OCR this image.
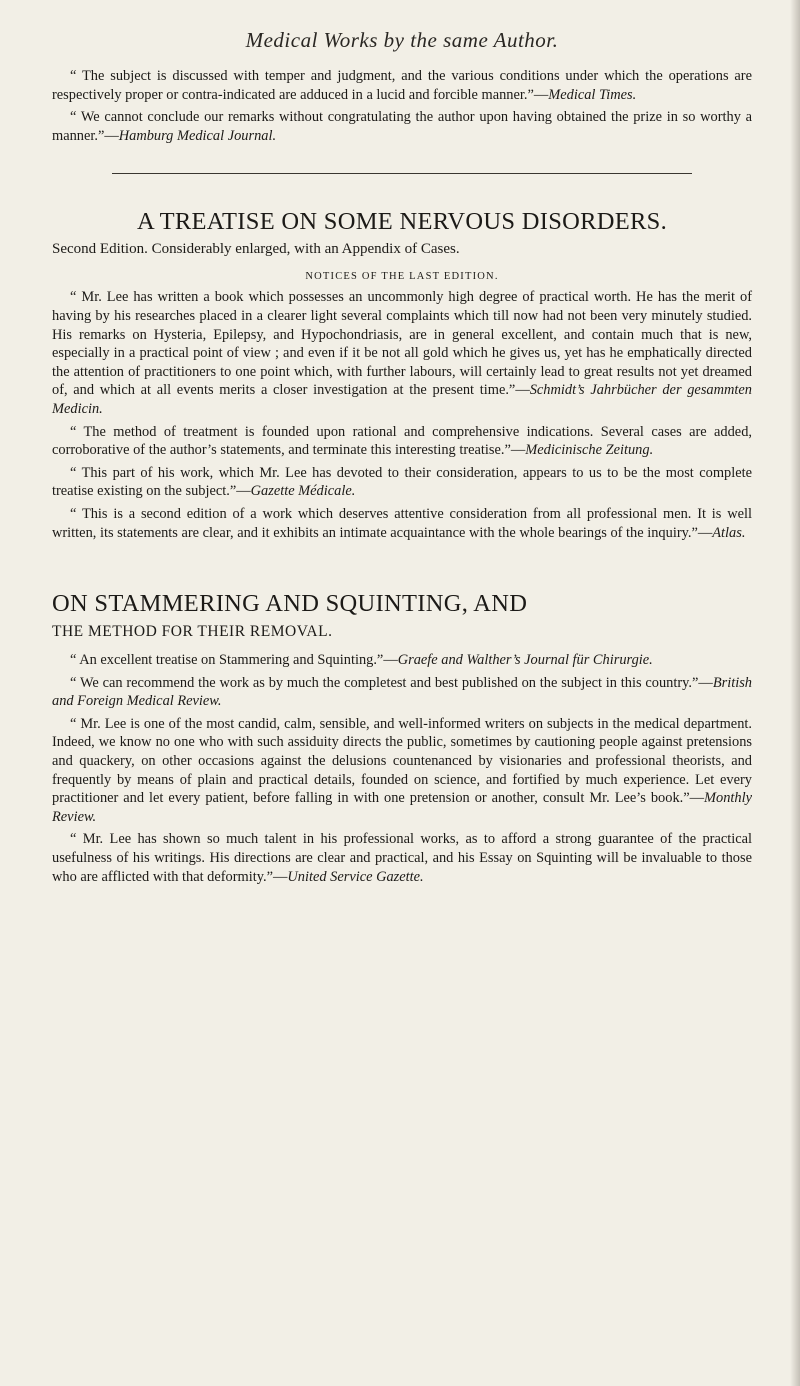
Medical Works by the same Author.

“ The subject is discussed with temper and judgment, and the various conditions under which the operations are respectively proper or contra-indicated are adduced in a lucid and forcible manner.”—Medical Times.

“ We cannot conclude our remarks without congratulating the author upon having obtained the prize in so worthy a manner.”—Hamburg Medical Journal.

A TREATISE ON SOME NERVOUS DISORDERS.
Second Edition. Considerably enlarged, with an Appendix of Cases.
NOTICES OF THE LAST EDITION.

“ Mr. Lee has written a book which possesses an uncommonly high degree of practical worth. He has the merit of having by his researches placed in a clearer light several complaints which till now had not been very minutely studied. His remarks on Hysteria, Epilepsy, and Hypochondriasis, are in general excellent, and contain much that is new, especially in a practical point of view ; and even if it be not all gold which he gives us, yet has he emphatically directed the attention of practitioners to one point which, with further labours, will certainly lead to great results not yet dreamed of, and which at all events merits a closer investigation at the present time.”—Schmidt’s Jahrbücher der gesammten Medicin.

“ The method of treatment is founded upon rational and comprehensive indications. Several cases are added, corroborative of the author’s statements, and terminate this interesting treatise.”—Medicinische Zeitung.

“ This part of his work, which Mr. Lee has devoted to their consideration, appears to us to be the most complete treatise existing on the subject.”—Gazette Médicale.

“ This is a second edition of a work which deserves attentive consideration from all professional men. It is well written, its statements are clear, and it exhibits an intimate acquaintance with the whole bearings of the inquiry.”—Atlas.

ON STAMMERING AND SQUINTING, AND
THE METHOD FOR THEIR REMOVAL.

“ An excellent treatise on Stammering and Squinting.”—Graefe and Walther’s Journal für Chirurgie.

“ We can recommend the work as by much the completest and best published on the subject in this country.”—British and Foreign Medical Review.

“ Mr. Lee is one of the most candid, calm, sensible, and well-informed writers on subjects in the medical department. Indeed, we know no one who with such assiduity directs the public, sometimes by cautioning people against pretensions and quackery, on other occasions against the delusions countenanced by visionaries and professional theorists, and frequently by means of plain and practical details, founded on science, and fortified by much experience. Let every practitioner and let every patient, before falling in with one pretension or another, consult Mr. Lee’s book.”—Monthly Review.

“ Mr. Lee has shown so much talent in his professional works, as to afford a strong guarantee of the practical usefulness of his writings. His directions are clear and practical, and his Essay on Squinting will be invaluable to those who are afflicted with that deformity.”—United Service Gazette.
